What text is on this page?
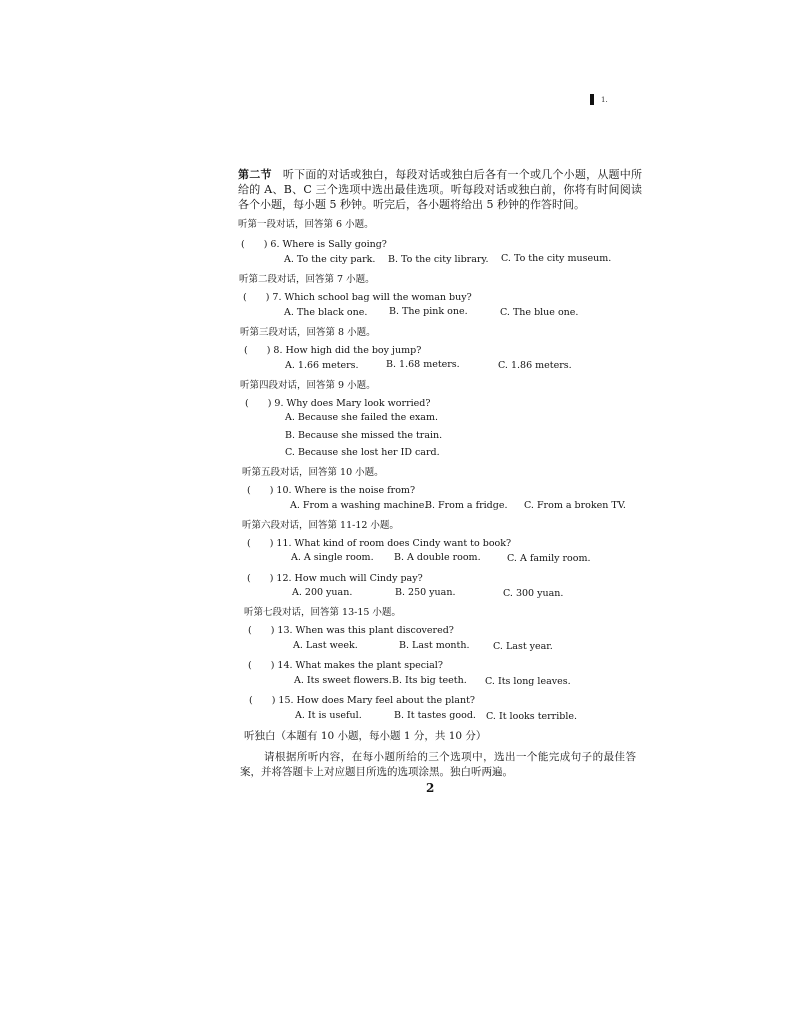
1.
第二节　 听下面的对话或独白，每段对话或独白后各有一个或几个小题，从题中所给的 A、B、C 三个选项中选出最佳选项。听每段对话或独白前，你将有时间阅读各个小题，每小题 5 秒钟。听完后，各小题将给出 5 秒钟的作答时间。
听第一段对话，回答第 6 小题。
(　　) 6. Where is Sally going?
A. To the city park. B. To the city library. C. To the city museum.
听第二段对话，回答第 7 小题。
(　　) 7. Which school bag will the woman buy?
A. The black one. B. The pink one.	C. The blue one.
听第三段对话，回答第 8 小题。
(　　) 8. How high did the boy jump?
A. 1.66 meters.	B. 1.68 meters.	C. 1.86 meters.
听第四段对话，回答第 9 小题。
(　　) 9. Why does Mary look worried?
A. Because she failed the exam.
B. Because she missed the train.
C. Because she lost her ID card.
听第五段对话，回答第 10 小题。
(　　) 10. Where is the noise from?
A. From a washing machine.
B. From a fridge. C. From a broken TV.
听第六段对话，回答第 11-12 小题。
(　　) 11. What kind of room does Cindy want to book?
A. A single room. B. A double room.	C. A family room.
(　　) 12. How much will Cindy pay?
A. 200 yuan.	B. 250 yuan.	C. 300 yuan.
听第七段对话，回答第 13-15 小题。
(　　) 13. When was this plant discovered?
A. Last week.	B. Last month. C. Last year.
(　　) 14. What makes the plant special?
A. Its sweet flowers. B. Its big teeth. C. Its long leaves.
(　　) 15. How does Mary feel about the plant?
A. It is useful.	B. It tastes good. C. It looks terrible.
听独白（本题有 10 小题，每小题 1 分，共 10 分）
请根据所听内容，在每小题所给的三个选项中，选出一个能完成句子的最佳答案，并将答题卡上对应题目所选的选项涂黑。独白听两遍。
2
